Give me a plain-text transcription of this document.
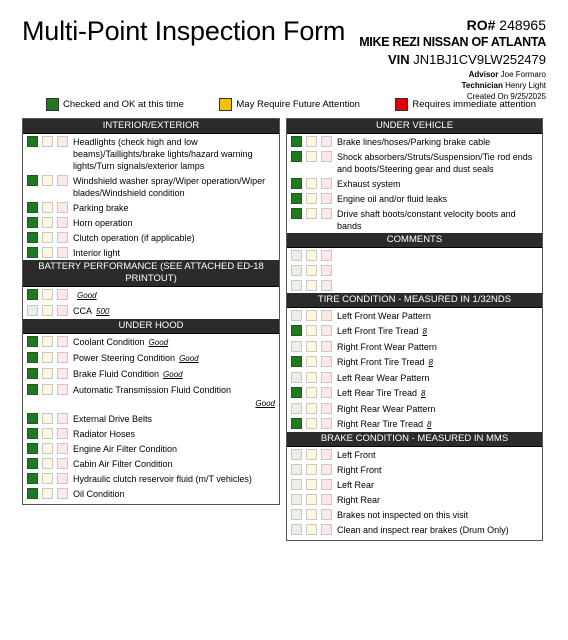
Multi-Point Inspection Form	RO# 248965
MIKE REZI NISSAN OF ATLANTA
VIN JN1BJ1CV9LW252479
Advisor Joe Formaro
Technician Henry Light
Created On 9/25/2025
Checked and OK at this time	May Require Future Attention	Requires immediate attention
INTERIOR/EXTERIOR
Headlights (check high and low beams)/Taillights/brake lights/hazard warning lights/Turn signals/exterior lamps
Windshield washer spray/Wiper operation/Wiper blades/Windshield condition
Parking brake
Horn operation
Clutch operation (if applicable)
Interior light
BATTERY PERFORMANCE (SEE ATTACHED ED-18 PRINTOUT)
Good
CCA 500
UNDER HOOD
Coolant Condition Good
Power Steering Condition Good
Brake Fluid Condition Good
Automatic Transmission Fluid Condition
Good
External Drive Belts
Radiator Hoses
Engine Air Filter Condition
Cabin Air Filter Condition
Hydraulic clutch reservoir fluid (m/T vehicles)
Oil Condition
UNDER VEHICLE
Brake lines/hoses/Parking brake cable
Shock absorbers/Struts/Suspension/Tie rod ends and boots/Steering gear and dust seals
Exhaust system
Engine oil and/or fluid leaks
Drive shaft boots/constant velocity boots and bands
COMMENTS
TIRE CONDITION - MEASURED IN 1/32NDS
Left Front Wear Pattern
Left Front Tire Tread 8
Right Front Wear Pattern
Right Front Tire Tread 8
Left Rear Wear Pattern
Left Rear Tire Tread 8
Right Rear Wear Pattern
Right Rear Tire Tread 8
BRAKE CONDITION - MEASURED IN MMS
Left Front
Right Front
Left Rear
Right Rear
Brakes not inspected on this visit
Clean and inspect rear brakes (Drum Only)
